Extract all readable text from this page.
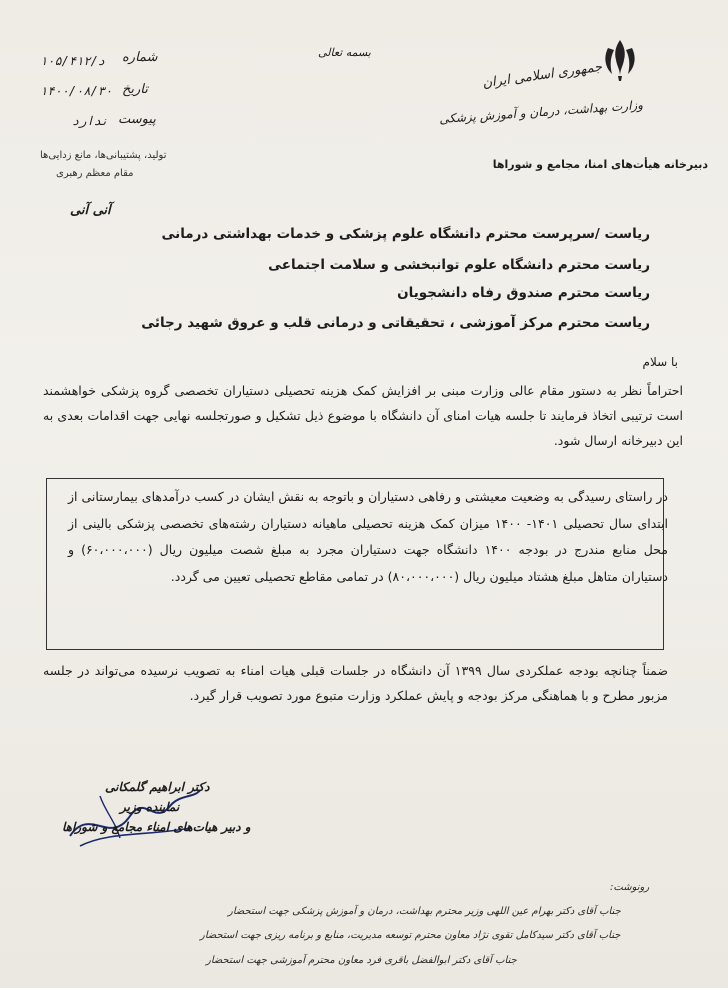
جمهوری اسلامی ایران
وزارت بهداشت، درمان و آموزش پزشکی
دبیرخانه هیأت‌های امنا، مجامع و شوراها
بسمه تعالی
شماره
د/۱۰۵/۴۱۲
تاریخ
۱۴۰۰/۰۸/۳۰
پیوست
ندارد
تولید، پشتیبانی‌ها، مانع زدایی‌ها
مقام معظم رهبری
آنی آنی
ریاست /سرپرست محترم دانشگاه علوم پزشکی و خدمات بهداشتی درمانی
ریاست محترم دانشگاه علوم توانبخشی و سلامت اجتماعی
ریاست محترم صندوق رفاه دانشجویان
ریاست محترم مرکز آموزشی ، تحقیقاتی و درمانی قلب و عروق شهید رجائی
با سلام
احتراماً نظر به دستور مقام عالی وزارت مبنی بر افزایش کمک هزینه تحصیلی دستیاران تخصصی گروه پزشکی خواهشمند است ترتیبی اتخاذ فرمایند تا جلسه هیات امنای آن دانشگاه با موضوع ذیل تشکیل و صورتجلسه نهایی جهت اقدامات بعدی به این دبیرخانه ارسال شود.
در راستای رسیدگی به وضعیت معیشتی و رفاهی دستیاران و باتوجه به نقش ایشان در کسب درآمدهای بیمارستانی از ابتدای سال تحصیلی ۱۴۰۱- ۱۴۰۰ میزان کمک هزینه تحصیلی ماهیانه دستیاران رشته‌های تخصصی پزشکی بالینی از محل منابع مندرج در بودجه ۱۴۰۰ دانشگاه جهت دستیاران مجرد به مبلغ شصت میلیون ریال (۶۰،۰۰۰،۰۰۰) و دستیاران متاهل مبلغ هشتاد میلیون ریال (۸۰،۰۰۰،۰۰۰) در تمامی مقاطع تحصیلی تعیین می گردد.
ضمناً چنانچه بودجه عملکردی سال ۱۳۹۹ آن دانشگاه در جلسات قبلی هیات امناء به تصویب نرسیده می‌تواند در جلسه مزبور مطرح و با هماهنگی مرکز بودجه و پایش عملکرد وزارت متبوع مورد تصویب قرار گیرد.
دکتر ابراهیم گلمکانی
نماینده وزیر
و دبیر هیات‌های امناء مجامع و شوراها
رونوشت:
جناب آقای دکتر بهرام عین اللهی وزیر محترم بهداشت، درمان و آموزش پزشکی جهت استحضار
جناب آقای دکتر سیدکامل تقوی نژاد معاون محترم توسعه مدیریت، منابع و برنامه ریزی جهت استحضار
جناب آقای دکتر ابوالفضل باقری فرد معاون محترم آموزشی جهت استحضار
